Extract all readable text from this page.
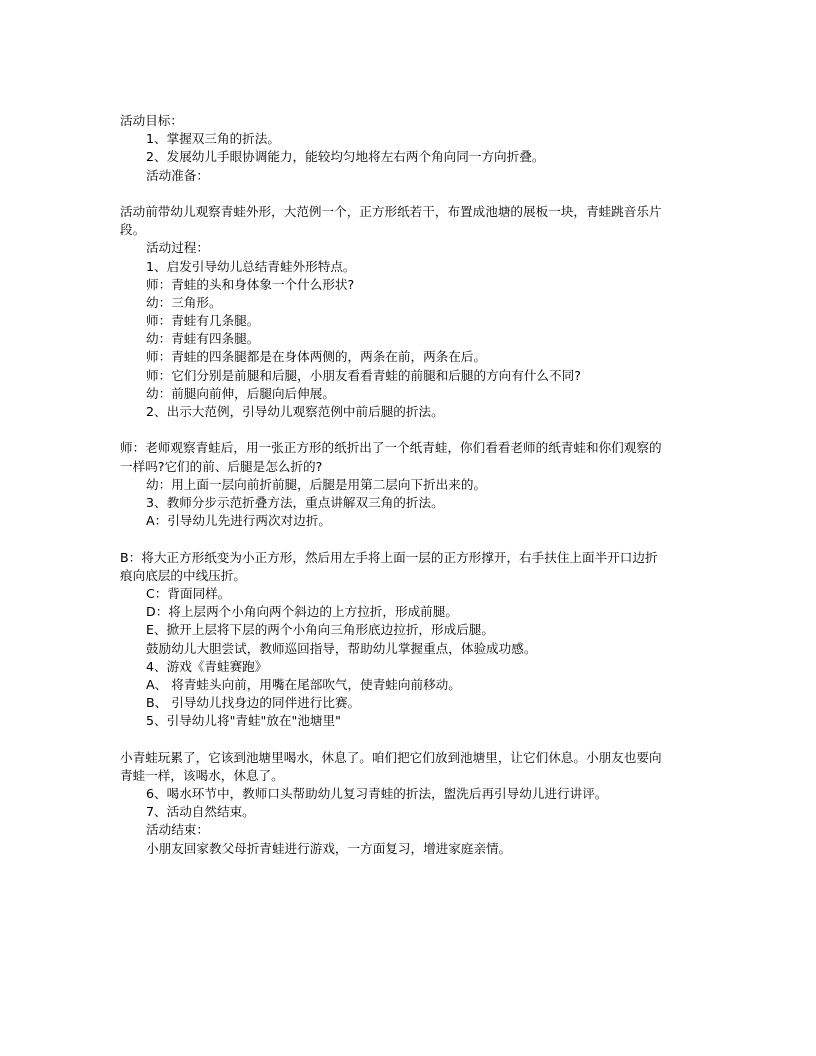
活动目标：
1、掌握双三角的折法。
2、发展幼儿手眼协调能力，能较均匀地将左右两个角向同一方向折叠。
活动准备：
活动前带幼儿观察青蛙外形，大范例一个，正方形纸若干，布置成池塘的展板一块，青蛙跳音乐片段。
活动过程：
1、启发引导幼儿总结青蛙外形特点。
师：青蛙的头和身体象一个什么形状?
幼：三角形。
师：青蛙有几条腿。
幼：青蛙有四条腿。
师：青蛙的四条腿都是在身体两侧的，两条在前，两条在后。
师：它们分别是前腿和后腿，小朋友看看青蛙的前腿和后腿的方向有什么不同?
幼：前腿向前伸，后腿向后伸展。
2、出示大范例，引导幼儿观察范例中前后腿的折法。
师：老师观察青蛙后，用一张正方形的纸折出了一个纸青蛙，你们看看老师的纸青蛙和你们观察的一样吗?它们的前、后腿是怎么折的?
幼：用上面一层向前折前腿，后腿是用第二层向下折出来的。
3、教师分步示范折叠方法，重点讲解双三角的折法。
A：引导幼儿先进行两次对边折。
B：将大正方形纸变为小正方形，然后用左手将上面一层的正方形撑开，右手扶住上面半开口边折痕向底层的中线压折。
C：背面同样。
D：将上层两个小角向两个斜边的上方拉折，形成前腿。
E、掀开上层将下层的两个小角向三角形底边拉折，形成后腿。
鼓励幼儿大胆尝试，教师巡回指导，帮助幼儿掌握重点，体验成功感。
4、游戏《青蛙赛跑》
A、 将青蛙头向前，用嘴在尾部吹气，使青蛙向前移动。
B、 引导幼儿找身边的同伴进行比赛。
5、引导幼儿将"青蛙"放在"池塘里"
小青蛙玩累了，它该到池塘里喝水，休息了。咱们把它们放到池塘里，让它们休息。小朋友也要向青蛙一样，该喝水，休息了。
6、喝水环节中，教师口头帮助幼儿复习青蛙的折法，盥洗后再引导幼儿进行讲评。
7、活动自然结束。
活动结束：
小朋友回家教父母折青蛙进行游戏，一方面复习，增进家庭亲情。
